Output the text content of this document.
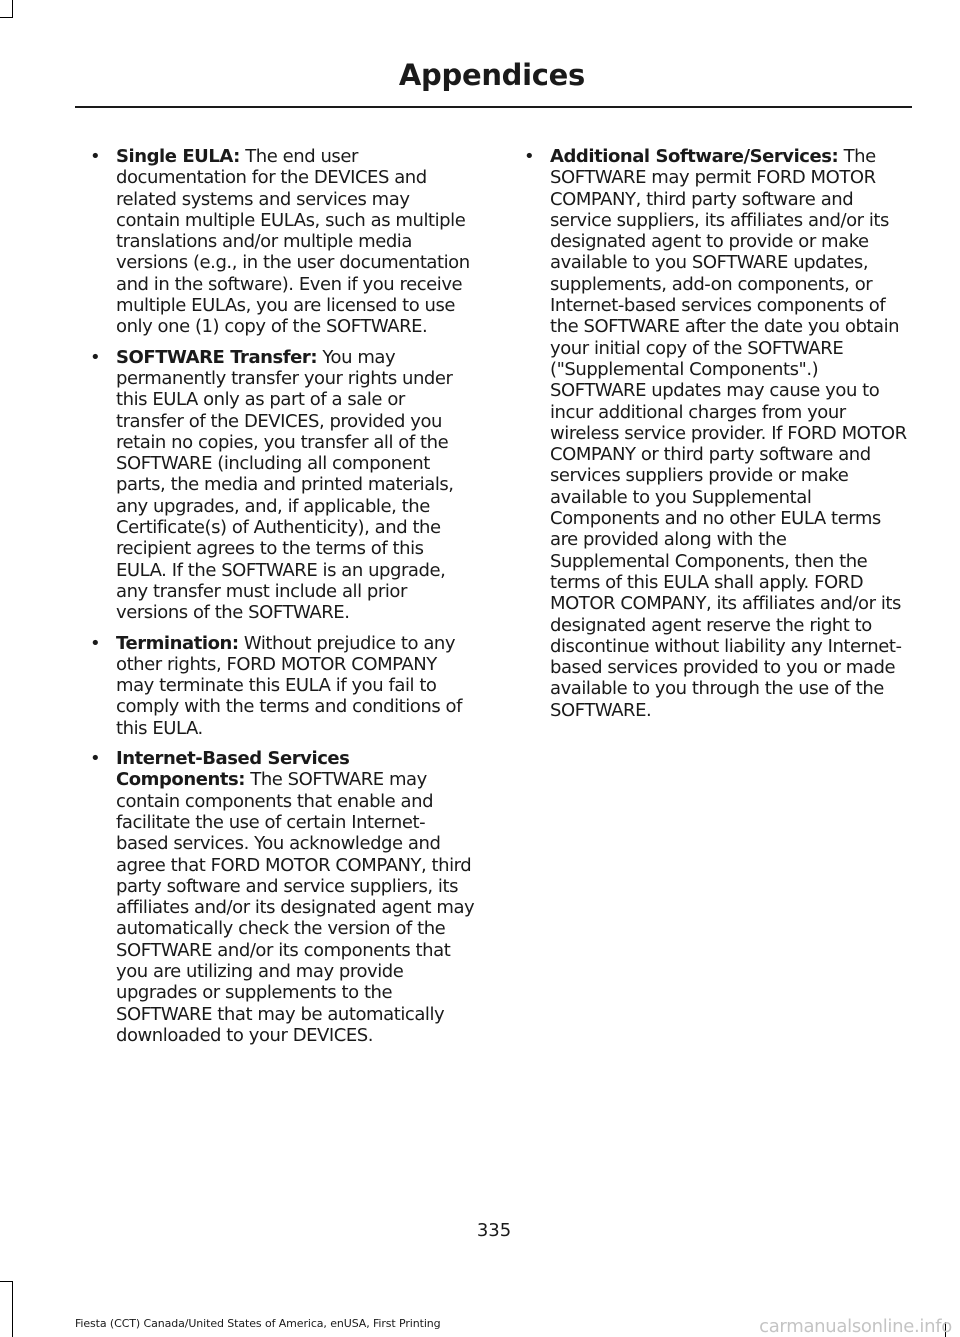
Appendices
• Single EULA: The end user documentation for the DEVICES and related systems and services may contain multiple EULAs, such as multiple translations and/or multiple media versions (e.g., in the user documentation and in the software). Even if you receive multiple EULAs, you are licensed to use only one (1) copy of the SOFTWARE.
• SOFTWARE Transfer: You may permanently transfer your rights under this EULA only as part of a sale or transfer of the DEVICES, provided you retain no copies, you transfer all of the SOFTWARE (including all component parts, the media and printed materials, any upgrades, and, if applicable, the Certificate(s) of Authenticity), and the recipient agrees to the terms of this EULA. If the SOFTWARE is an upgrade, any transfer must include all prior versions of the SOFTWARE.
• Termination: Without prejudice to any other rights, FORD MOTOR COMPANY may terminate this EULA if you fail to comply with the terms and conditions of this EULA.
• Internet-Based Services Components: The SOFTWARE may contain components that enable and facilitate the use of certain Internet-based services. You acknowledge and agree that FORD MOTOR COMPANY, third party software and service suppliers, its affiliates and/or its designated agent may automatically check the version of the SOFTWARE and/or its components that you are utilizing and may provide upgrades or supplements to the SOFTWARE that may be automatically downloaded to your DEVICES.
• Additional Software/Services: The SOFTWARE may permit FORD MOTOR COMPANY, third party software and service suppliers, its affiliates and/or its designated agent to provide or make available to you SOFTWARE updates, supplements, add-on components, or Internet-based services components of the SOFTWARE after the date you obtain your initial copy of the SOFTWARE ("Supplemental Components".) SOFTWARE updates may cause you to incur additional charges from your wireless service provider. If FORD MOTOR COMPANY or third party software and services suppliers provide or make available to you Supplemental Components and no other EULA terms are provided along with the Supplemental Components, then the terms of this EULA shall apply. FORD MOTOR COMPANY, its affiliates and/or its designated agent reserve the right to discontinue without liability any Internet-based services provided to you or made available to you through the use of the SOFTWARE.
335
Fiesta (CCT) Canada/United States of America, enUSA, First Printing	carmanualsonline.info
